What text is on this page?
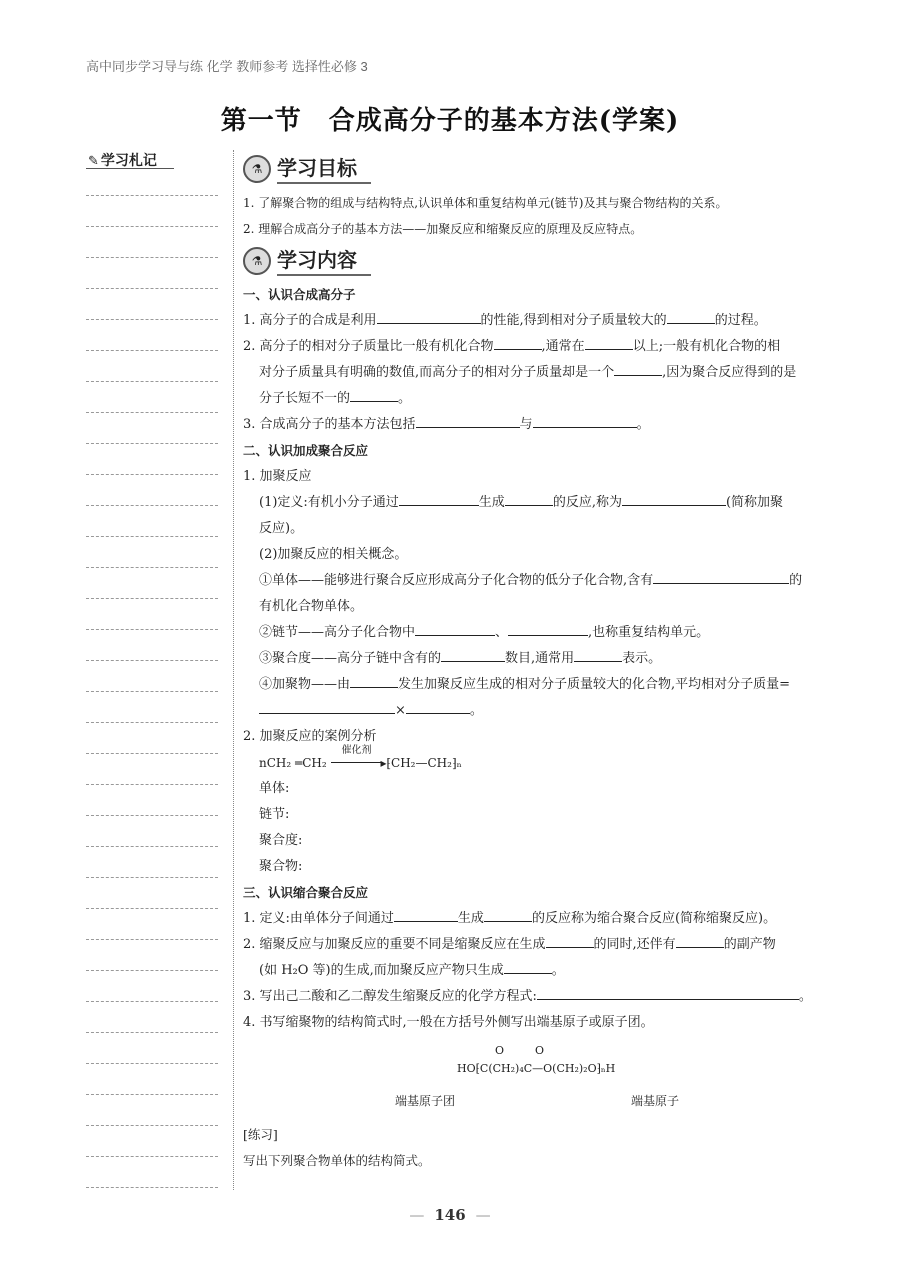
高中同步学习导与练 化学 教师参考 选择性必修 3
第一节　合成高分子的基本方法(学案)
✎ 学习札记	⚗ 学习目标
1. 了解聚合物的组成与结构特点,认识单体和重复结构单元(链节)及其与聚合物结构的关系。
2. 理解合成高分子的基本方法——加聚反应和缩聚反应的原理及反应特点。
⚗ 学习内容
一、认识合成高分子
1. 高分子的合成是利用	的性能,得到相对分子质量较大的	的过程。
2. 高分子的相对分子质量比一般有机化合物	,通常在	以上;一般有机化合物的相
对分子质量具有明确的数值,而高分子的相对分子质量却是一个	,因为聚合反应得到的是
分子长短不一的	。
3. 合成高分子的基本方法包括	与	。
二、认识加成聚合反应
1. 加聚反应
(1)定义:有机小分子通过	生成	的反应,称为	(简称加聚
反应)。
(2)加聚反应的相关概念。
①单体——能够进行聚合反应形成高分子化合物的低分子化合物,含有	的
有机化合物单体。
②链节——高分子化合物中	、	,也称重复结构单元。
③聚合度——高分子链中含有的	数目,通常用	表示。
④加聚物——由	发生加聚反应生成的相对分子质量较大的化合物,平均相对分子质量=
×	。
2. 加聚反应的案例分析
nCH₂ ═CH₂
催化剂
▸ ⁅CH₂—CH₂⁆ₙ
单体:
链节:
聚合度:
聚合物:
三、认识缩合聚合反应
1. 定义:由单体分子间通过	生成	的反应称为缩合聚合反应(简称缩聚反应)。
2. 缩聚反应与加聚反应的重要不同是缩聚反应在生成	的同时,还伴有	的副产物
(如 H₂O 等)的生成,而加聚反应产物只生成	。
3. 写出己二酸和乙二醇发生缩聚反应的化学方程式:	。
4. 书写缩聚物的结构简式时,一般在方括号外侧写出端基原子或原子团。
O	O
HO⁅C(CH₂)₄C—O(CH₂)₂O⁆ₙH
端基原子团	端基原子
[练习]
写出下列聚合物单体的结构简式。
— 146 —
